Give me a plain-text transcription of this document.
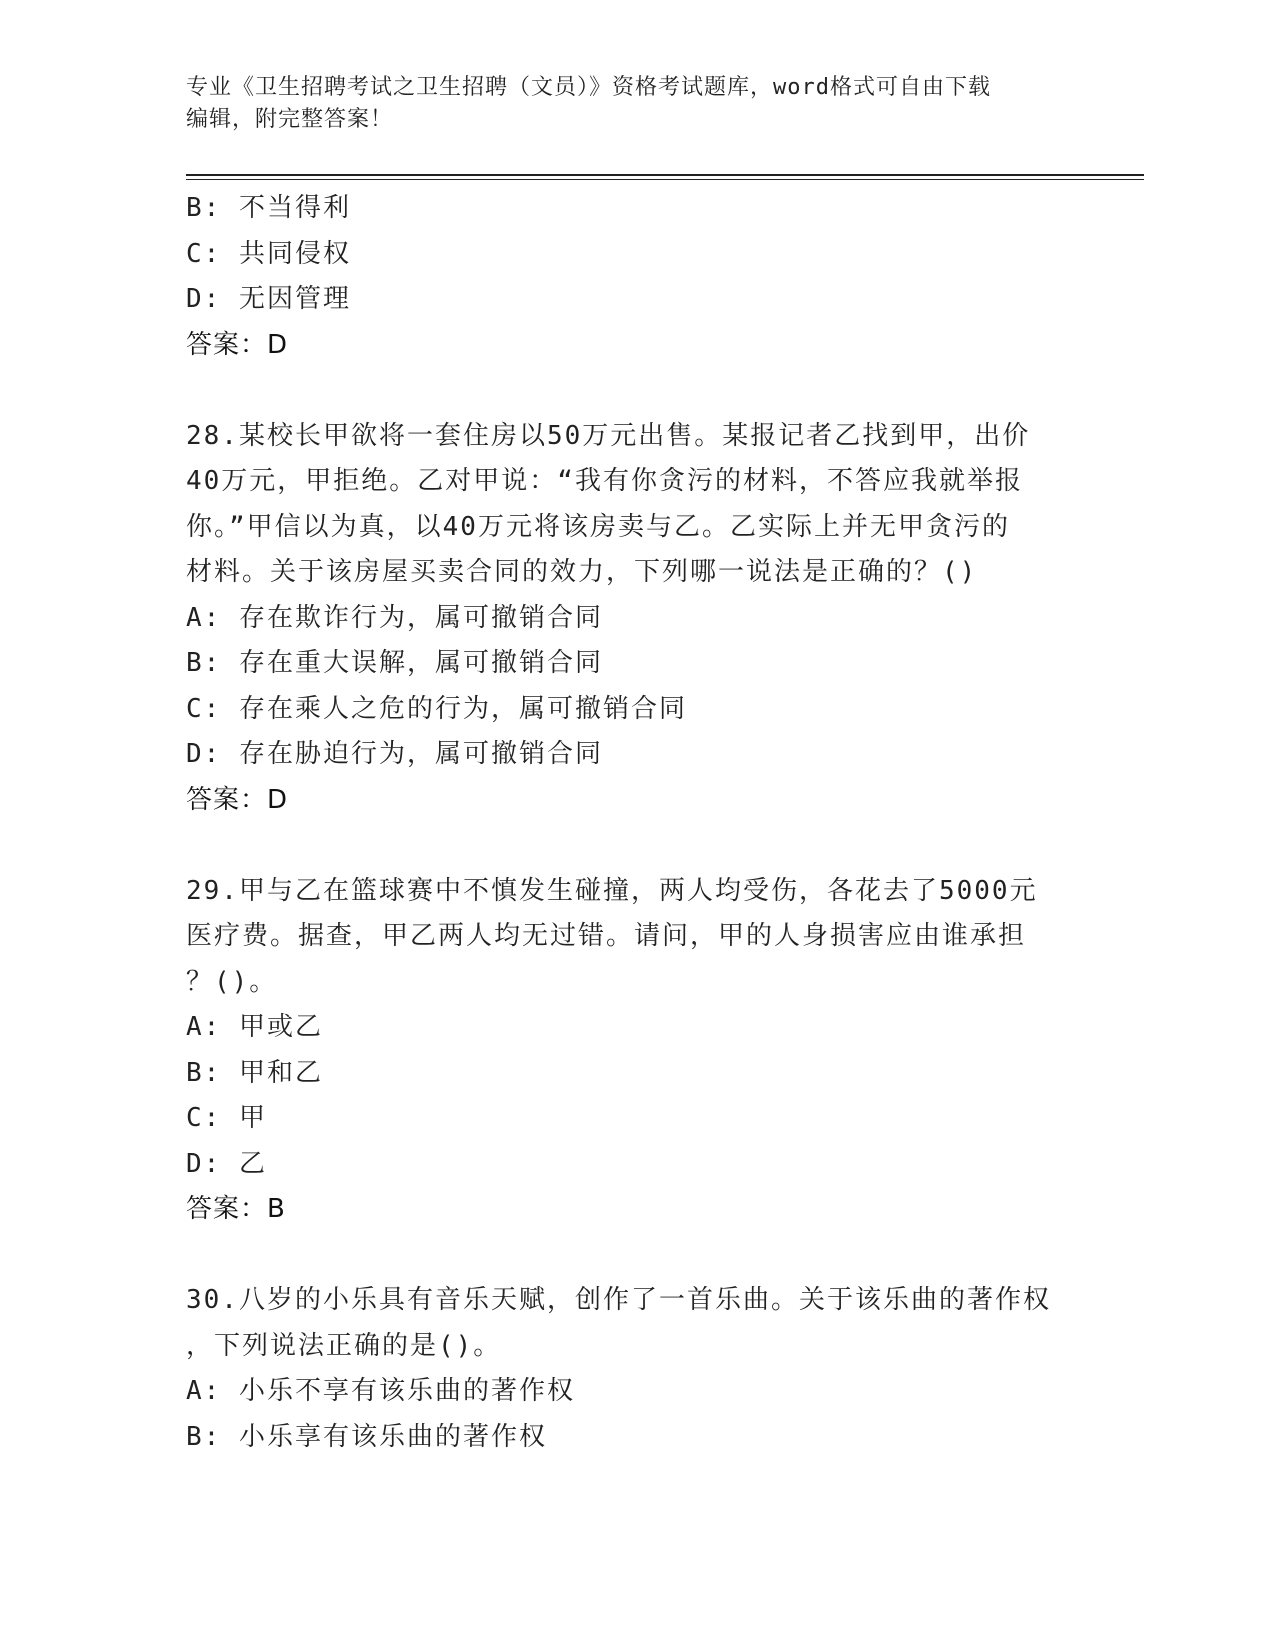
专业《卫生招聘考试之卫生招聘（文员）》资格考试题库，word格式可自由下载
编辑，附完整答案！
B: 不当得利
C: 共同侵权
D: 无因管理
答案：D
28.某校长甲欲将一套住房以50万元出售。某报记者乙找到甲，出价
40万元，甲拒绝。乙对甲说：“我有你贪污的材料，不答应我就举报
你。”甲信以为真，以40万元将该房卖与乙。乙实际上并无甲贪污的
材料。关于该房屋买卖合同的效力，下列哪一说法是正确的？()
A: 存在欺诈行为，属可撤销合同
B: 存在重大误解，属可撤销合同
C: 存在乘人之危的行为，属可撤销合同
D: 存在胁迫行为，属可撤销合同
答案：D
29.甲与乙在篮球赛中不慎发生碰撞，两人均受伤，各花去了5000元
医疗费。据查，甲乙两人均无过错。请问，甲的人身损害应由谁承担
？()。
A: 甲或乙
B: 甲和乙
C: 甲
D: 乙
答案：B
30.八岁的小乐具有音乐天赋，创作了一首乐曲。关于该乐曲的著作权
，下列说法正确的是()。
A: 小乐不享有该乐曲的著作权
B: 小乐享有该乐曲的著作权
